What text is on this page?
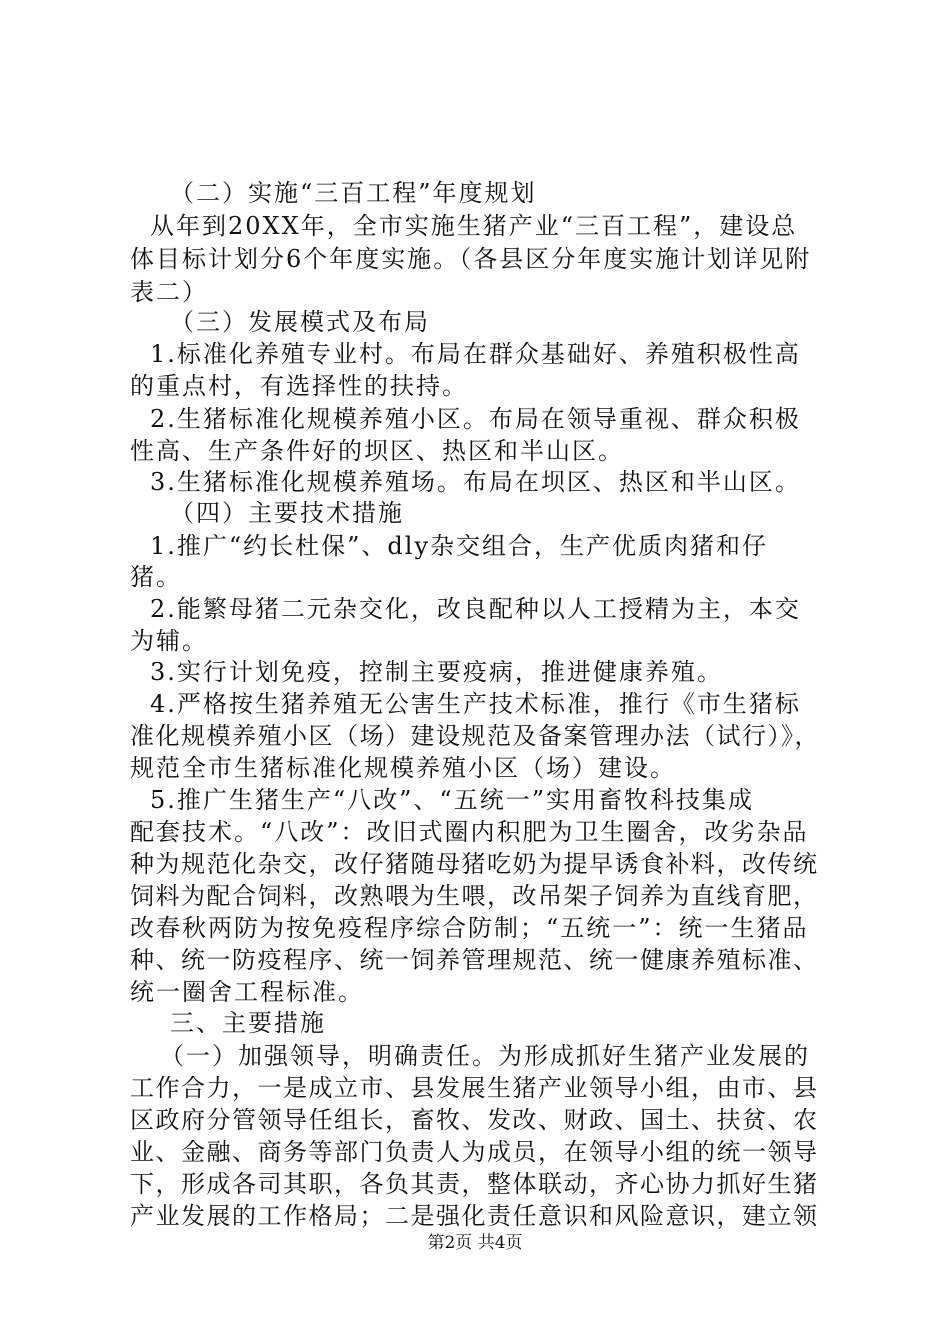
（二）实施“三百工程”年度规划
从年到20XX年，全市实施生猪产业“三百工程”，建设总
体目标计划分6个年度实施。（各县区分年度实施计划详见附
表二）
（三）发展模式及布局
1.标准化养殖专业村。布局在群众基础好、养殖积极性高
的重点村，有选择性的扶持。
2.生猪标准化规模养殖小区。布局在领导重视、群众积极
性高、生产条件好的坝区、热区和半山区。
3.生猪标准化规模养殖场。布局在坝区、热区和半山区。
（四）主要技术措施
1.推广“约长杜保”、dly杂交组合，生产优质肉猪和仔
猪。
2.能繁母猪二元杂交化，改良配种以人工授精为主，本交
为辅。
3.实行计划免疫，控制主要疫病，推进健康养殖。
4.严格按生猪养殖无公害生产技术标准，推行《市生猪标
准化规模养殖小区（场）建设规范及备案管理办法（试行）》，
规范全市生猪标准化规模养殖小区（场）建设。
5.推广生猪生产“八改”、“五统一”实用畜牧科技集成
配套技术。“八改”：改旧式圈内积肥为卫生圈舍，改劣杂品
种为规范化杂交，改仔猪随母猪吃奶为提早诱食补料，改传统
饲料为配合饲料，改熟喂为生喂，改吊架子饲养为直线育肥，
改春秋两防为按免疫程序综合防制；“五统一”：统一生猪品
种、统一防疫程序、统一饲养管理规范、统一健康养殖标准、
统一圈舍工程标准。
三、主要措施
（一）加强领导，明确责任。为形成抓好生猪产业发展的
工作合力，一是成立市、县发展生猪产业领导小组，由市、县
区政府分管领导任组长，畜牧、发改、财政、国土、扶贫、农
业、金融、商务等部门负责人为成员，在领导小组的统一领导
下，形成各司其职，各负其责，整体联动，齐心协力抓好生猪
产业发展的工作格局；二是强化责任意识和风险意识，建立领
第2页 共4页
